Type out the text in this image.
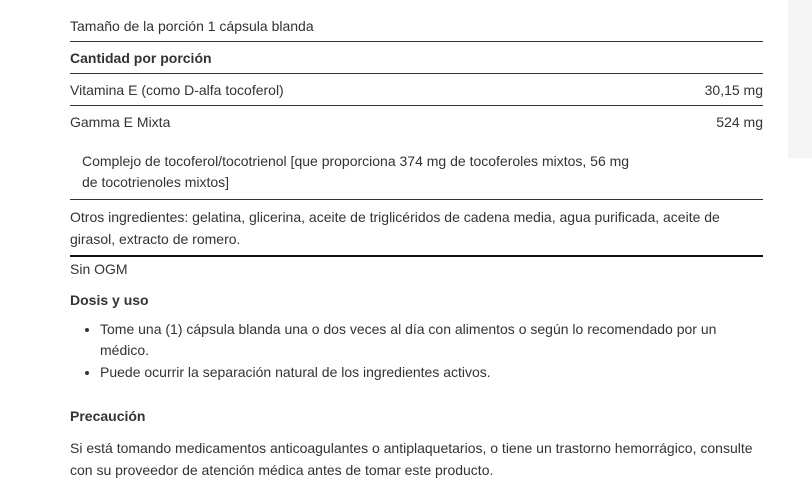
Tamaño de la porción 1 cápsula blanda
Cantidad por porción
Vitamina E (como D-alfa tocoferol)	30,15 mg
Gamma E Mixta	524 mg
Complejo de tocoferol/tocotrienol [que proporciona 374 mg de tocoferoles mixtos, 56 mg de tocotrienoles mixtos]
Otros ingredientes: gelatina, glicerina, aceite de triglicéridos de cadena media, agua purificada, aceite de girasol, extracto de romero.
Sin OGM
Dosis y uso
• Tome una (1) cápsula blanda una o dos veces al día con alimentos o según lo recomendado por un médico.
• Puede ocurrir la separación natural de los ingredientes activos.
Precaución
Si está tomando medicamentos anticoagulantes o antiplaquetarios, o tiene un trastorno hemorrágico, consulte con su proveedor de atención médica antes de tomar este producto.
